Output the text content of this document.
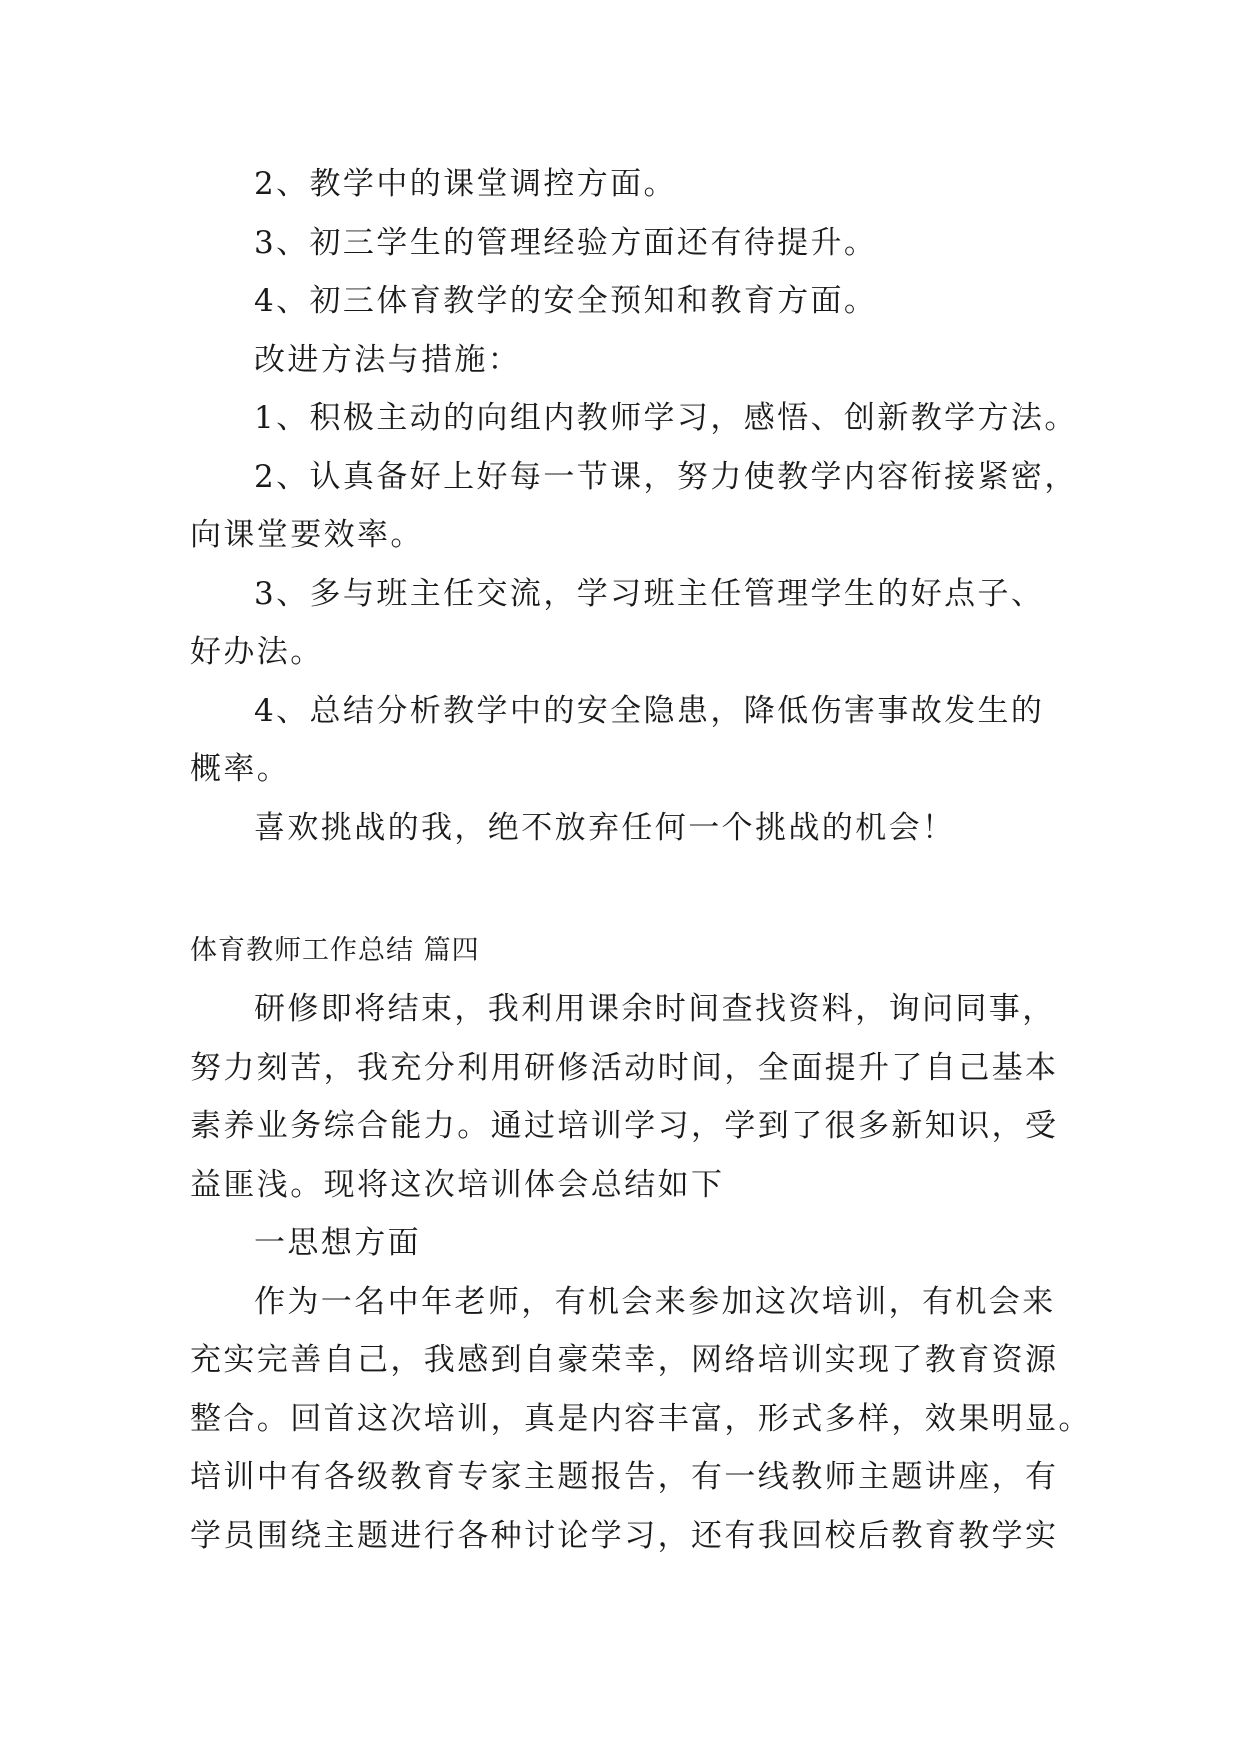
2、教学中的课堂调控方面。

3、初三学生的管理经验方面还有待提升。

4、初三体育教学的安全预知和教育方面。

改进方法与措施：

1、积极主动的向组内教师学习，感悟、创新教学方法。

2、认真备好上好每一节课，努力使教学内容衔接紧密，

向课堂要效率。

3、多与班主任交流，学习班主任管理学生的好点子、

好办法。

4、总结分析教学中的安全隐患，降低伤害事故发生的

概率。

喜欢挑战的我，绝不放弃任何一个挑战的机会！

体育教师工作总结 篇四

研修即将结束，我利用课余时间查找资料，询问同事，

努力刻苦，我充分利用研修活动时间，全面提升了自己基本

素养业务综合能力。通过培训学习，学到了很多新知识，受

益匪浅。现将这次培训体会总结如下

一思想方面

作为一名中年老师，有机会来参加这次培训，有机会来

充实完善自己，我感到自豪荣幸，网络培训实现了教育资源

整合。回首这次培训，真是内容丰富，形式多样，效果明显。

培训中有各级教育专家主题报告，有一线教师主题讲座，有

学员围绕主题进行各种讨论学习，还有我回校后教育教学实
